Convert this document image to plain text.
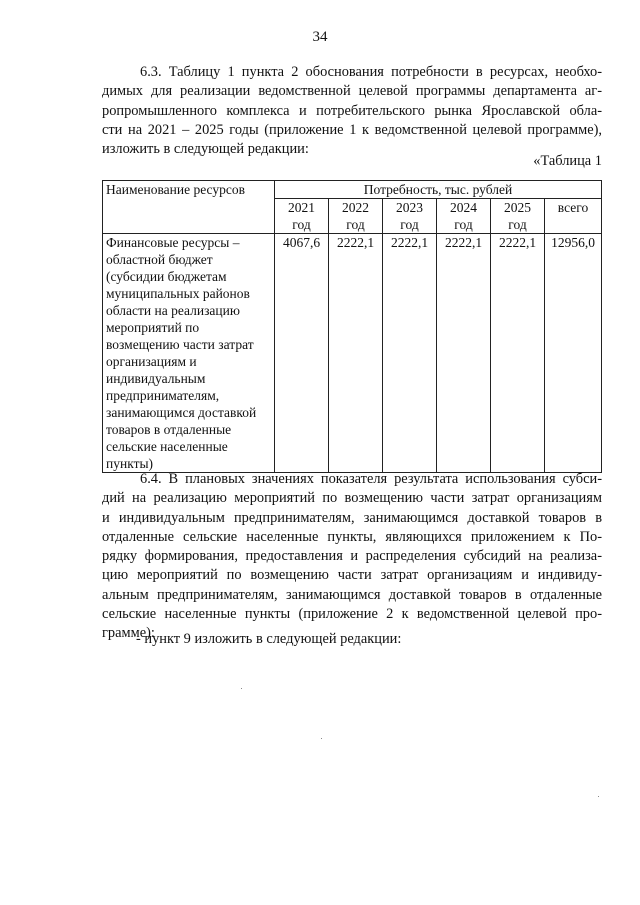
34

6.3. Таблицу 1 пункта 2 обоснования потребности в ресурсах, необхо-
димых для реализации ведомственной целевой программы департамента аг-
ропромышленного комплекса и потребительского рынка Ярославской обла-
сти на 2021 – 2025 годы (приложение 1 к ведомственной целевой программе),
изложить в следующей редакции:

«Таблица 1
Наименование ресурсов	Потребность, тыс. рублей					
	2021 год	2022 год	2023 год	2024 год	2025 год	всего
Финансовые ресурсы – областной бюджет (субсидии бюджетам муниципальных районов области на реализацию мероприятий по возмещению части затрат организациям и индивидуальным предпринимателям, занимающимся доставкой товаров в отдаленные сельские населенные пункты)	4067,6	2222,1	2222,1	2222,1	2222,1	12956,0

6.4. В плановых значениях показателя результата использования субси-
дий на реализацию мероприятий по возмещению части затрат организациям
и индивидуальным предпринимателям, занимающимся доставкой товаров в
отдаленные сельские населенные пункты, являющихся приложением к По-
рядку формирования, предоставления и распределения субсидий на реализа-
цию мероприятий по возмещению части затрат организациям и индивиду-
альным предпринимателям, занимающимся доставкой товаров в отдаленные
сельские населенные пункты (приложение 2 к ведомственной целевой про-
грамме):

- пункт 9 изложить в следующей редакции:
